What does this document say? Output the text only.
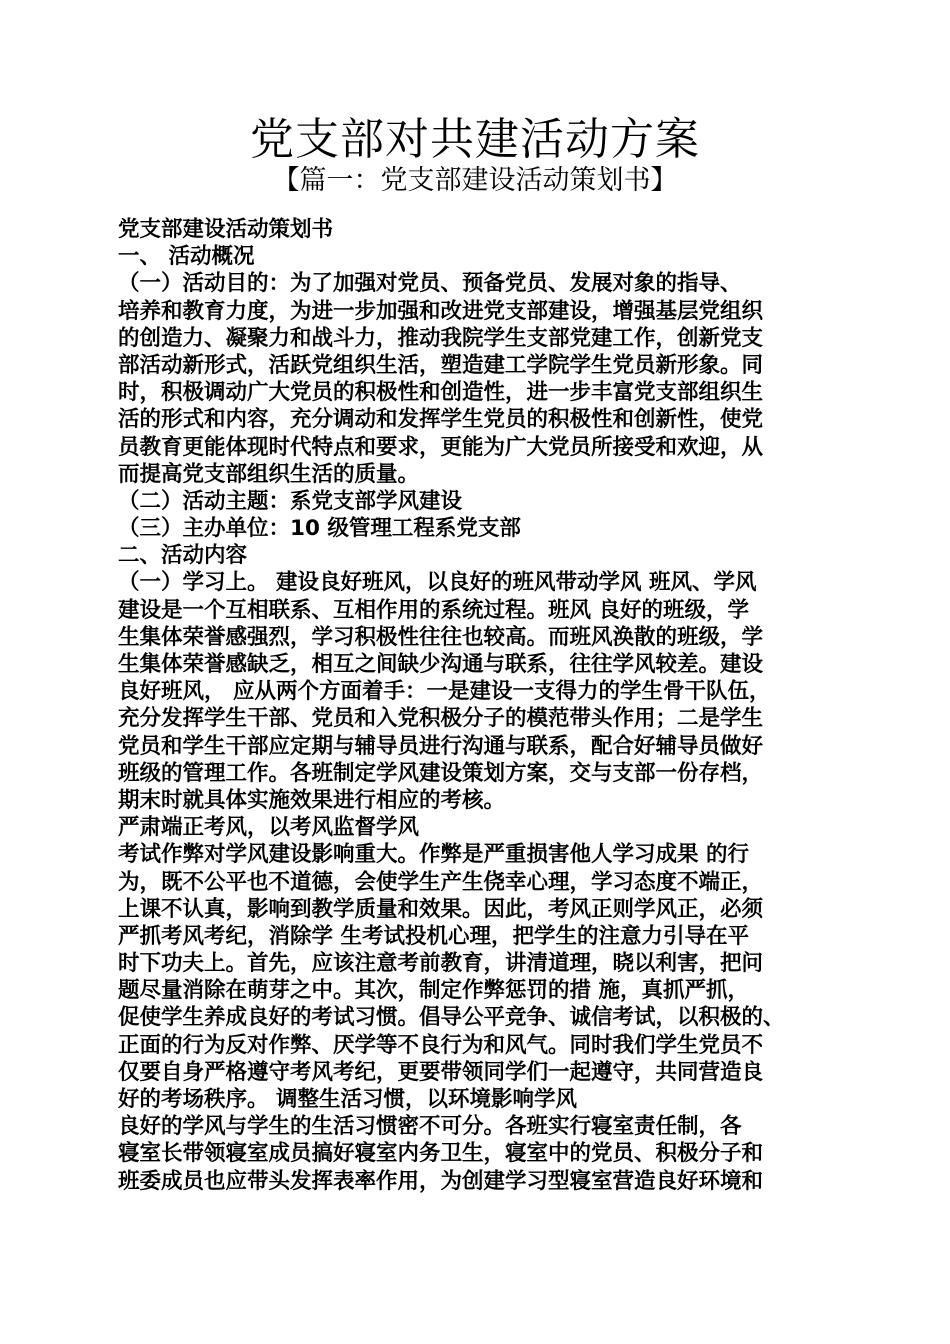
党支部对共建活动方案
【篇一：党支部建设活动策划书】
党支部建设活动策划书
一、 活动概况
（一）活动目的：为了加强对党员、预备党员、发展对象的指导、
培养和教育力度，为进一步加强和改进党支部建设，增强基层党组织
的创造力、凝聚力和战斗力，推动我院学生支部党建工作，创新党支
部活动新形式，活跃党组织生活，塑造建工学院学生党员新形象。同
时，积极调动广大党员的积极性和创造性，进一步丰富党支部组织生
活的形式和内容，充分调动和发挥学生党员的积极性和创新性，使党
员教育更能体现时代特点和要求，更能为广大党员所接受和欢迎，从
而提高党支部组织生活的质量。
（二）活动主题：系党支部学风建设
（三）主办单位：10 级管理工程系党支部
二、活动内容
（一）学习上。 建设良好班风，以良好的班风带动学风 班风、学风
建设是一个互相联系、互相作用的系统过程。班风 良好的班级，学
生集体荣誉感强烈，学习积极性往往也较高。而班风涣散的班级，学
生集体荣誉感缺乏，相互之间缺少沟通与联系，往往学风较差。建设
良好班风， 应从两个方面着手：一是建设一支得力的学生骨干队伍，
充分发挥学生干部、党员和入党积极分子的模范带头作用；二是学生
党员和学生干部应定期与辅导员进行沟通与联系，配合好辅导员做好
班级的管理工作。各班制定学风建设策划方案，交与支部一份存档，
期末时就具体实施效果进行相应的考核。
严肃端正考风，以考风监督学风
考试作弊对学风建设影响重大。作弊是严重损害他人学习成果 的行
为，既不公平也不道德，会使学生产生侥幸心理，学习态度不端正，
上课不认真，影响到教学质量和效果。因此，考风正则学风正，必须
严抓考风考纪，消除学 生考试投机心理，把学生的注意力引导在平
时下功夫上。首先，应该注意考前教育，讲清道理，晓以利害，把问
题尽量消除在萌芽之中。其次，制定作弊惩罚的措 施，真抓严抓，
促使学生养成良好的考试习惯。倡导公平竞争、诚信考试，以积极的、
正面的行为反对作弊、厌学等不良行为和风气。同时我们学生党员不
仅要自身严格遵守考风考纪，更要带领同学们一起遵守，共同营造良
好的考场秩序。 调整生活习惯，以环境影响学风
良好的学风与学生的生活习惯密不可分。各班实行寝室责任制，各
寝室长带领寝室成员搞好寝室内务卫生，寝室中的党员、积极分子和
班委成员也应带头发挥表率作用，为创建学习型寝室营造良好环境和
